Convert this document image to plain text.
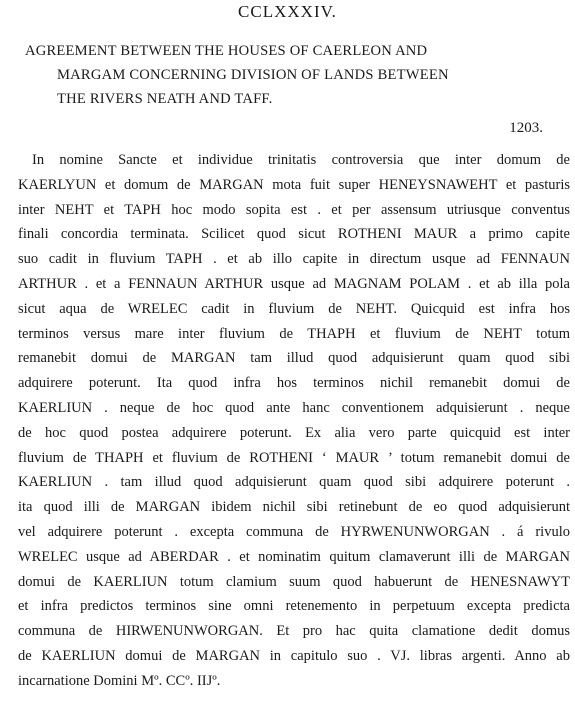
CCLXXXIV.
AGREEMENT BETWEEN THE HOUSES OF CAERLEON AND
MARGAM CONCERNING DIVISION OF LANDS BETWEEN
THE RIVERS NEATH AND TAFF.
1203.
In nomine Sancte et individue trinitatis controversia que inter domum de
KAERLYUN et domum de MARGAN mota fuit super HENEYSNAWEHT et pasturis
inter NEHT et TAPH hoc modo sopita est . et per assensum utriusque conventus
finali concordia terminata. Scilicet quod sicut ROTHENI MAUR a primo capite
suo cadit in fluvium TAPH . et ab illo capite in directum usque ad FENNAUN
ARTHUR . et a FENNAUN ARTHUR usque ad MAGNAM POLAM . et ab illa pola
sicut aqua de WRELEC cadit in fluvium de NEHT. Quicquid est infra hos
terminos versus mare inter fluvium de THAPH et fluvium de NEHT totum
remanebit domui de MARGAN tam illud quod adquisierunt quam quod sibi
adquirere poterunt. Ita quod infra hos terminos nichil remanebit domui de
KAERLIUN . neque de hoc quod ante hanc conventionem adquisierunt . neque
de hoc quod postea adquirere poterunt. Ex alia vero parte quicquid est inter
fluvium de THAPH et fluvium de ROTHENI ‘ MAUR ’ totum remanebit domui de
KAERLIUN . tam illud quod adquisierunt quam quod sibi adquirere poterunt .
ita quod illi de MARGAN ibidem nichil sibi retinebunt de eo quod adquisierunt
vel adquirere poterunt . excepta communa de HYRWENUNWORGAN . á rivulo
WRELEC usque ad ABERDAR . et nominatim quitum clamaverunt illi de MARGAN
domui de KAERLIUN totum clamium suum quod habuerunt de HENESNAWYT
et infra predictos terminos sine omni retenemento in perpetuum excepta predicta
communa de HIRWENUNWORGAN. Et pro hac quita clamatione dedit domus
de KAERLIUN domui de MARGAN in capitulo suo . VJ. libras argenti. Anno ab
incarnatione Domini Mº. CCº. IIJº.
